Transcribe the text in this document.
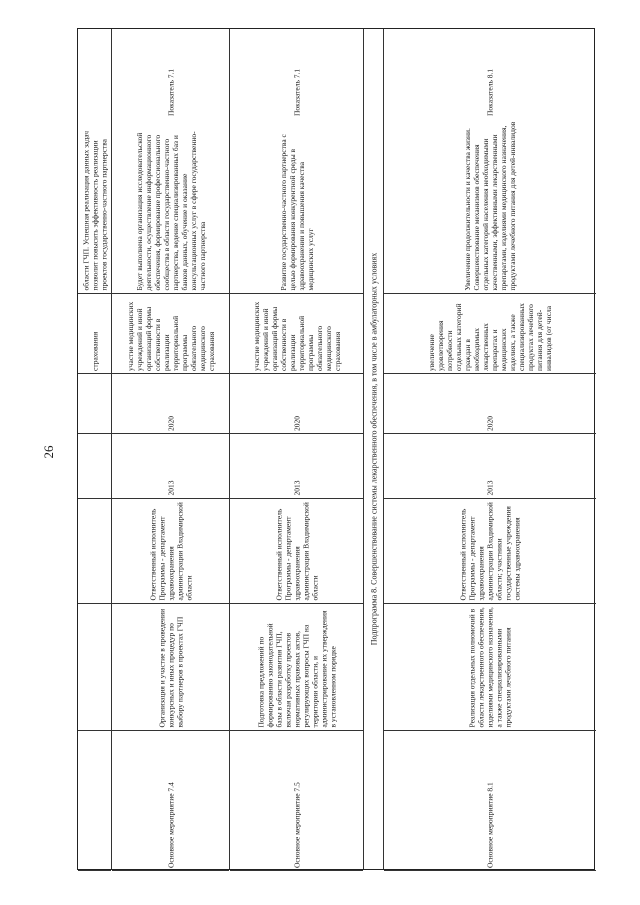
26
страхования
области ГЧП. Успешная реализация данных задач позволит повысить эффективность реализации проектов государственно-частного партнерства
Основное мероприятие 7.4
Организация и участие в проведении конкурсных и иных процедур по выбору партнеров в проектах ГЧП
Ответственный исполнитель Программы - департамент здравоохранения администрации Владимирской области
2013
2020
участие медицинских учреждений и иной организаций формы собственности в реализации территориальной программы обязательного медицинского страхования
Будет выполнена организация исследовательской деятельности, осуществление информационного обеспечения, формирование профессионального сообщества в области государственно-частного партнерства, ведение специализированных баз и банков данных, обучение и оказание консультационных услуг в сфере государственно-частного партнерства
Показатель 7.1
Основное мероприятие 7.5
Подготовка предложений по формированию законодательной базы в области развития ГЧП, включая разработку проектов нормативных правовых актов, регулирующих вопросы ГЧП на территории области, и администрирование их утверждения в установленном порядке
Ответственный исполнитель Программы - департамент здравоохранения администрации Владимирской области
2013
2020
участие медицинских учреждений и иной организаций формы собственности в реализации территориальной программы обязательного медицинского страхования
Развитие государственно-частного партнерства с целью формирования конкурентной среды в здравоохранении и повышения качества медицинских услуг
Показатель 7.1
Подпрограмма 8. Совершенствование системы лекарственного обеспечения, в том числе в амбулаторных условиях
Основное мероприятие 8.1
Реализация отдельных полномочий в области лекарственного обеспечения, изделиями медицинского назначения, а также специализированными продуктами лечебного питания
Ответственный исполнитель Программы - департамент здравоохранения администрации Владимирской области; участники государственные учреждения системы здравоохранения
2013
2020
увеличение удовлетворения потребности отдельных категорий граждан в необходимых лекарственных препаратах и медицинских изделиях, а также специализированных продуктах лечебного питания для детей-инвалидов (от числа
Увеличение продолжительности и качества жизни. Совершенствование механизмов обеспечения отдельных категорий населения необходимыми качественными, эффективными лекарственными препаратами, изделиями медицинского назначения, продуктами лечебного питания для детей-инвалидов
Показатель 8.1
